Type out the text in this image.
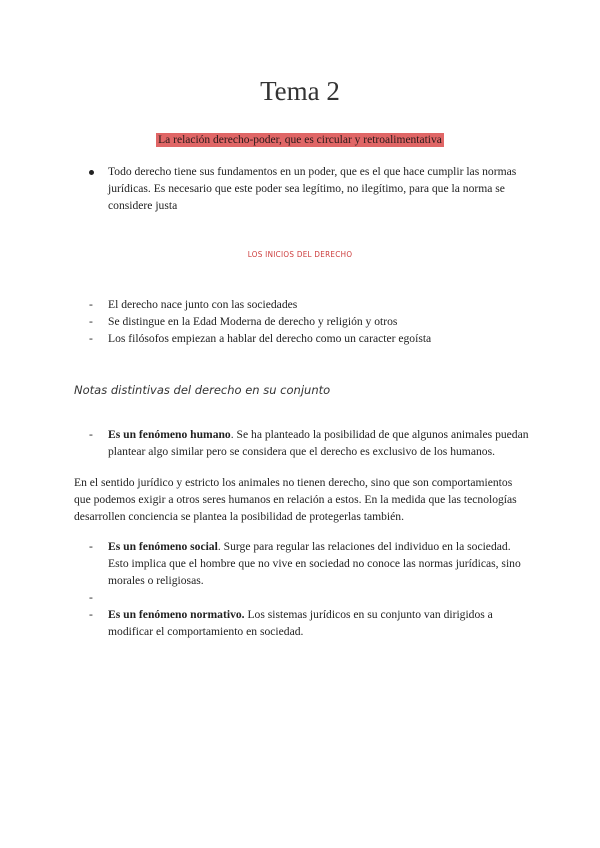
Tema 2
La relación derecho-poder, que es circular y retroalimentativa
Todo derecho tiene sus fundamentos en un poder, que es el que hace cumplir las normas jurídicas. Es necesario que este poder sea legítimo, no ilegítimo, para que la norma se considere justa
LOS INICIOS DEL DERECHO
-	El derecho nace junto con las sociedades
-	Se distingue en la Edad Moderna de derecho y religión y otros
-	Los filósofos empiezan a hablar del derecho como un caracter egoísta
Notas distintivas del derecho en su conjunto
-	Es un fenómeno humano. Se ha planteado la posibilidad de que algunos animales puedan plantear algo similar pero se considera que el derecho es exclusivo de los humanos.
En el sentido jurídico y estricto los animales no tienen derecho, sino que son comportamientos que podemos exigir a otros seres humanos en relación a estos. En la medida que las tecnologías desarrollen conciencia se plantea la posibilidad de protegerlas también.
-	Es un fenómeno social. Surge para regular las relaciones del individuo en la sociedad. Esto implica que el hombre que no vive en sociedad no conoce las normas jurídicas, sino morales o religiosas.
-

-	Es un fenómeno normativo. Los sistemas jurídicos en su conjunto van dirigidos a modificar el comportamiento en sociedad.
